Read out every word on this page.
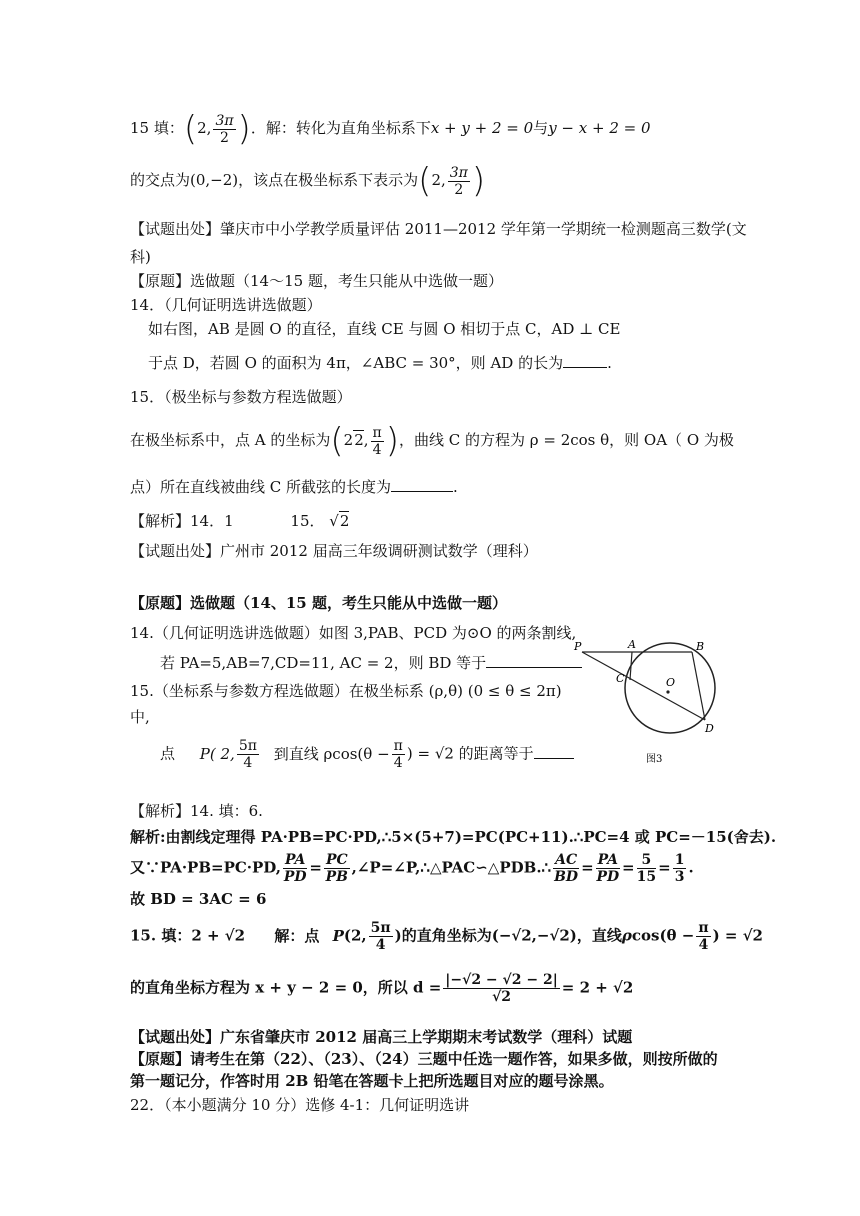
15 填：(2, $\frac{3\pi}{2}$ )．解：转化为直角坐标系下x + y + 2 = 0与y − x + 2 = 0
的交点为(0,−2)，该点在极坐标系下表示为(2, $\frac{3\pi}{2}$ )
【试题出处】肇庆市中小学教学质量评估 2011—2012 学年第一学期统一检测题高三数学(文
科)
【原题】选做题（14～15 题，考生只能从中选做一题）
14．（几何证明选讲选做题）
如右图，AB 是圆 O 的直径，直线 CE 与圆 O 相切于点 C，AD ⊥ CE
于点 D，若圆 O 的面积为 4π，∠ABC = 30°，则 AD 的长为	.
15．（极坐标与参数方程选做题）
在极坐标系中，点 A 的坐标为(22, $\frac{\pi}{4}$ )，曲线 C 的方程为 ρ = 2cos θ，则 OA（ O 为极
点）所在直线被曲线 C 所截弦的长度为	.
【解析】14．1	15． √2
【试题出处】广州市 2012 届高三年级调研测试数学（理科）
【原题】选做题（14、15 题，考生只能从中选做一题）
14.（几何证明选讲选做题）如图 3,PAB、PCD 为⊙O 的两条割线,
若 PA=5,AB=7,CD=11, AC = 2，则 BD 等于
15.（坐标系与参数方程选做题）在极坐标系 (ρ,θ) (0 ≤ θ ≤ 2π)
中,
点 P( 2, $\frac{5\pi}{4}$ 到直线 $\rho\cos(\theta - \frac{\pi}{4}$ ) = √2 的距离等于
P	A	B
C
D
O
图3
【解析】14. 填：6.
解析:由割线定理得 PA·PB=PC·PD,∴5×(5+7)=PC(PC+11).∴PC=4 或 PC=－15(舍去).
又∵PA·PB=PC·PD, $\frac{PA}{PD} = \frac{PC}{PB}$ ,∠P=∠P,∴△PAC∽△PDB.∴ $\frac{AC}{BD} = \frac{PA}{PD} = \frac{5}{15} = \frac{1}{3}$ .
故 BD = 3AC = 6
15. 填：2 + √2 解：点 P(2, $\frac{5\pi}{4}$ )的直角坐标为(−√2,−√2)，直线$\rho\cos(\theta - \frac{\pi}{4}$ ) = √2
的直角坐标方程为 x + y − 2 = 0，所以 $d = \frac{|-√2 - √2 - 2|}{√2} = 2 + √2$
【试题出处】广东省肇庆市 2012 届高三上学期期末考试数学（理科）试题
【原题】请考生在第（22）、（23）、（24）三题中任选一题作答，如果多做，则按所做的
第一题记分，作答时用 2B 铅笔在答题卡上把所选题目对应的题号涂黑。
22．（本小题满分 10 分）选修 4-1：几何证明选讲
